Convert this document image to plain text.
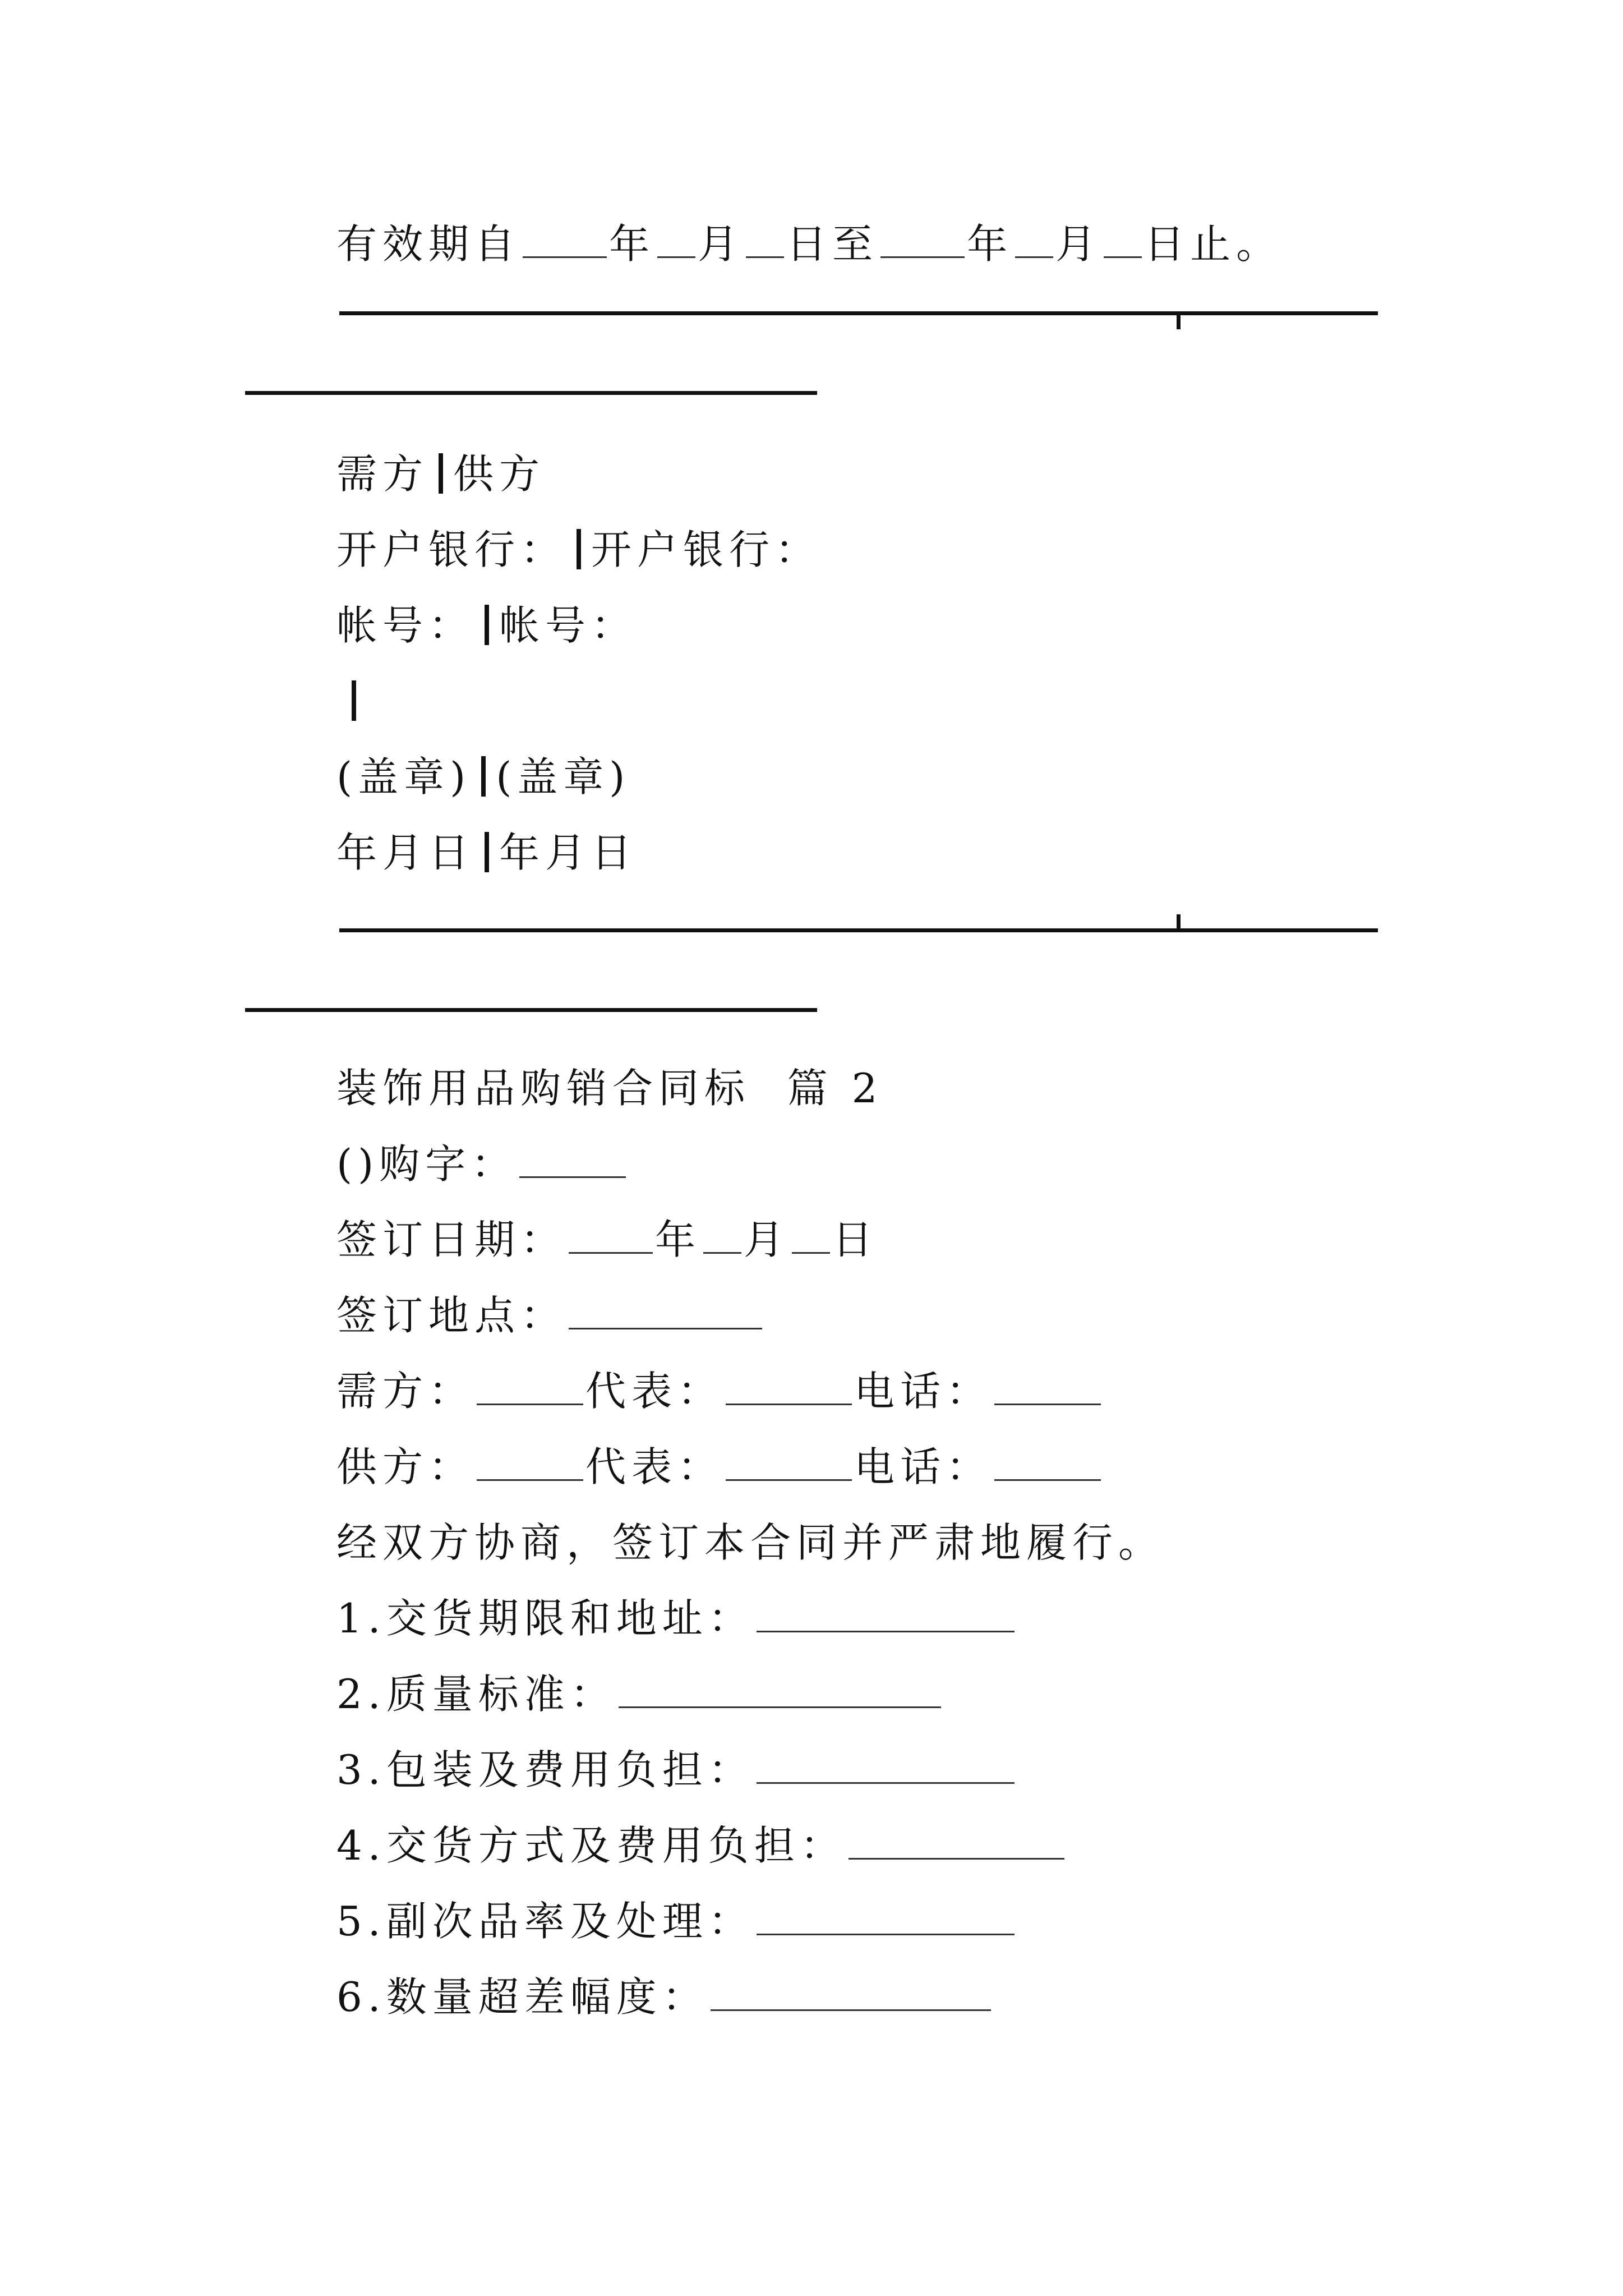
有效期自 年 月 日至 年 月 日止。
需方 供方
开户银行： 开户银行：
帐号： 帐号：
(盖章) (盖章)
年月日 年月日
装饰用品购销合同标  篇 2
()购字：
签订日期： 年 月 日
签订地点：
需方：	代表：	电话：
供方：	代表：	电话：
经双方协商，签订本合同并严肃地履行。
1.交货期限和地址：
2.质量标准：
3.包装及费用负担：
4.交货方式及费用负担：
5.副次品率及处理：
6.数量超差幅度：
